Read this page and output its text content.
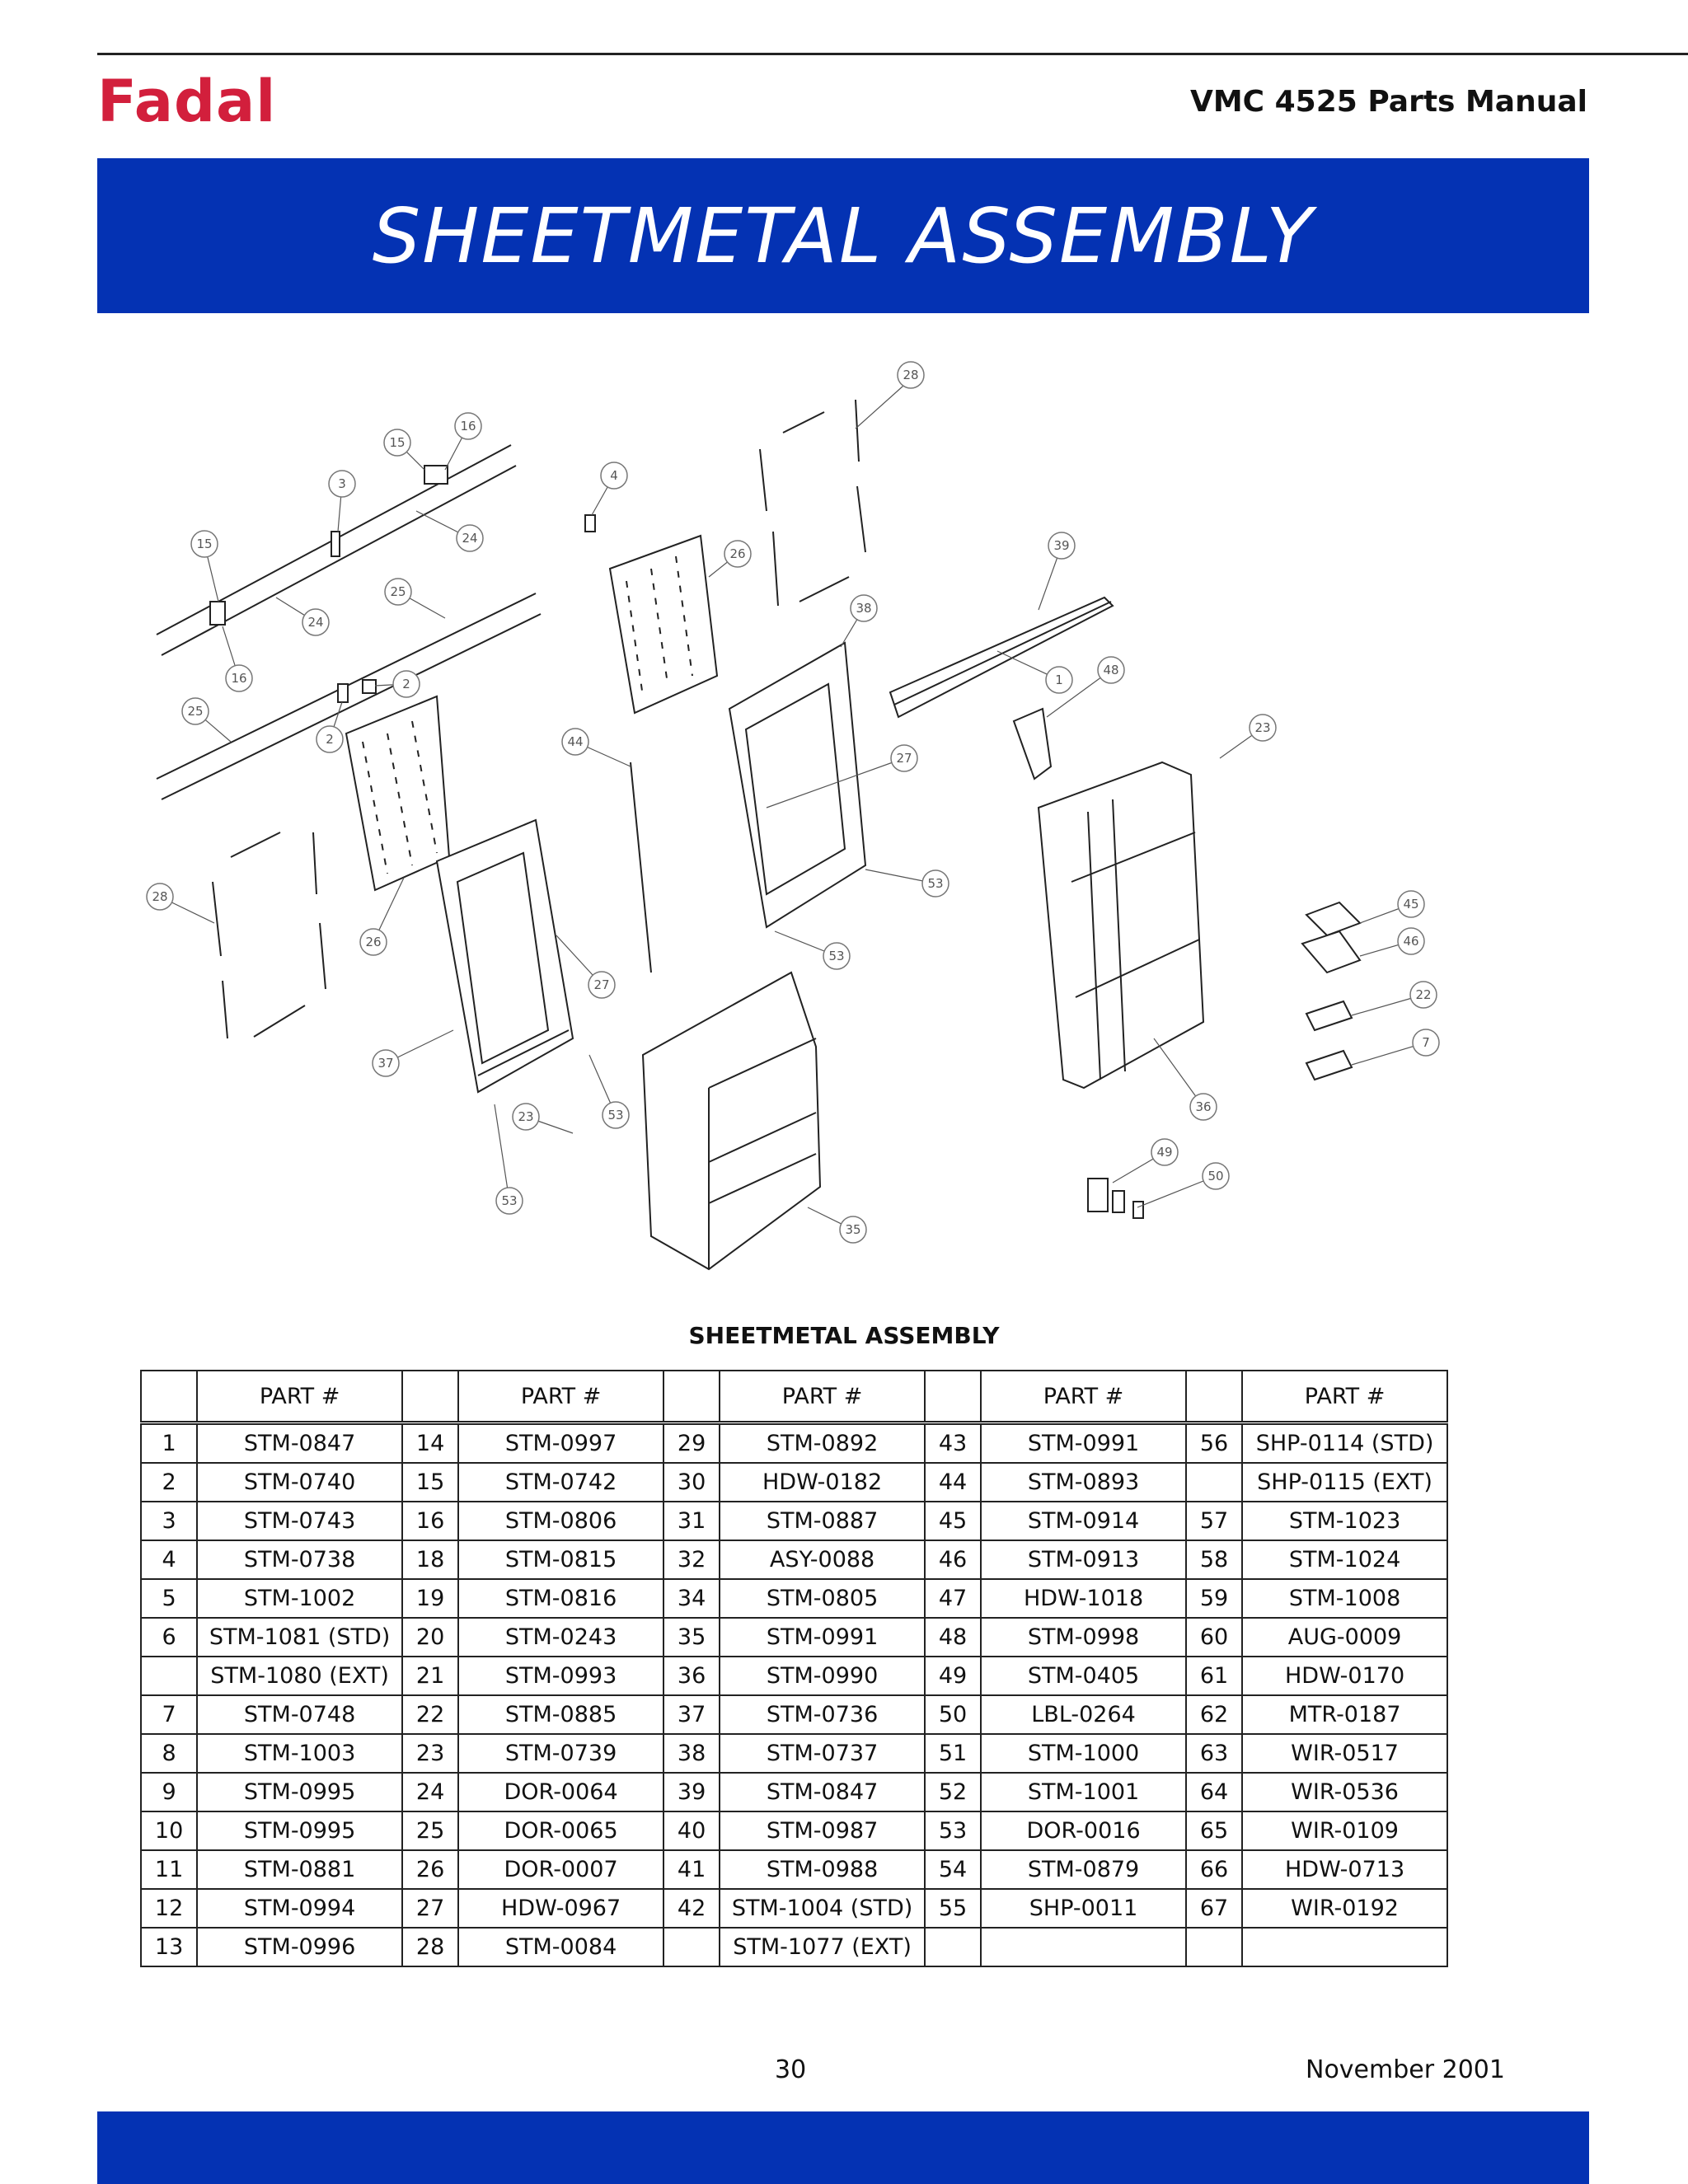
Fadal	VMC 4525 Parts Manual
SHEETMETAL ASSEMBLY
28
15
16
3
4
24
15
26
39
24
25
38
16	2	1
48
25
2
23
44
27
28
53
26
53
45
46
27
22
37
7
53
23
36
49
50
53
35
SHEETMETAL ASSEMBLY
	PART #		PART #		PART #		PART #		PART #
1	STM-0847	14	STM-0997	29	STM-0892	43	STM-0991	56	SHP-0114 (STD)
2	STM-0740	15	STM-0742	30	HDW-0182	44	STM-0893		SHP-0115 (EXT)
3	STM-0743	16	STM-0806	31	STM-0887	45	STM-0914	57	STM-1023
4	STM-0738	18	STM-0815	32	ASY-0088	46	STM-0913	58	STM-1024
5	STM-1002	19	STM-0816	34	STM-0805	47	HDW-1018	59	STM-1008
6	STM-1081 (STD)	20	STM-0243	35	STM-0991	48	STM-0998	60	AUG-0009
	STM-1080 (EXT)	21	STM-0993	36	STM-0990	49	STM-0405	61	HDW-0170
7	STM-0748	22	STM-0885	37	STM-0736	50	LBL-0264	62	MTR-0187
8	STM-1003	23	STM-0739	38	STM-0737	51	STM-1000	63	WIR-0517
9	STM-0995	24	DOR-0064	39	STM-0847	52	STM-1001	64	WIR-0536
10	STM-0995	25	DOR-0065	40	STM-0987	53	DOR-0016	65	WIR-0109
11	STM-0881	26	DOR-0007	41	STM-0988	54	STM-0879	66	HDW-0713
12	STM-0994	27	HDW-0967	42	STM-1004 (STD)	55	SHP-0011	67	WIR-0192
13	STM-0996	28	STM-0084		STM-1077 (EXT)				
30	November 2001
